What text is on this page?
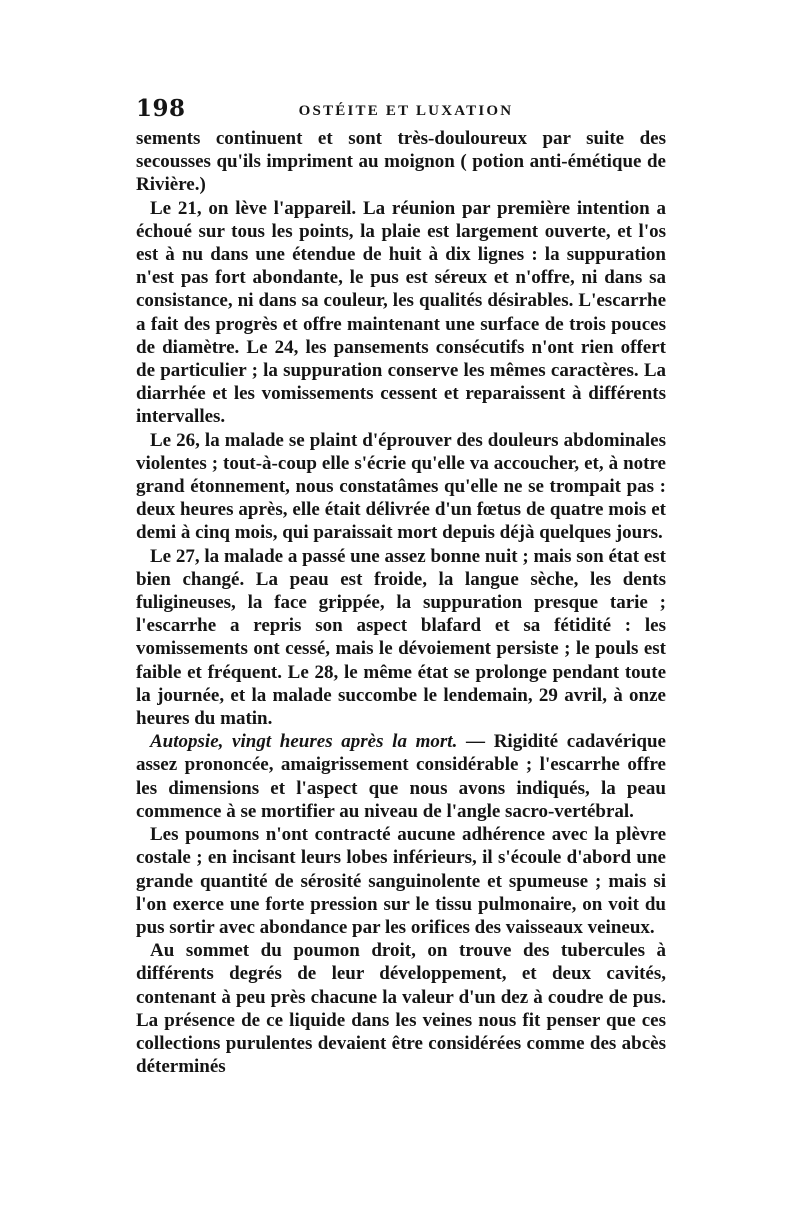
198	OSTÉITE ET LUXATION

sements continuent et sont très-douloureux par suite des secousses qu'ils impriment au moignon ( potion anti-émétique de Rivière.)

Le 21, on lève l'appareil. La réunion par première intention a échoué sur tous les points, la plaie est largement ouverte, et l'os est à nu dans une étendue de huit à dix lignes : la suppuration n'est pas fort abondante, le pus est séreux et n'offre, ni dans sa consistance, ni dans sa couleur, les qualités désirables. L'escarrhe a fait des progrès et offre maintenant une surface de trois pouces de diamètre. Le 24, les pansements consécutifs n'ont rien offert de particulier ; la suppuration conserve les mêmes caractères. La diarrhée et les vomissements cessent et reparaissent à différents intervalles.

Le 26, la malade se plaint d'éprouver des douleurs abdominales violentes ; tout-à-coup elle s'écrie qu'elle va accoucher, et, à notre grand étonnement, nous constatâmes qu'elle ne se trompait pas : deux heures après, elle était délivrée d'un fœtus de quatre mois et demi à cinq mois, qui paraissait mort depuis déjà quelques jours.

Le 27, la malade a passé une assez bonne nuit ; mais son état est bien changé. La peau est froide, la langue sèche, les dents fuligineuses, la face grippée, la suppuration presque tarie ; l'escarrhe a repris son aspect blafard et sa fétidité : les vomissements ont cessé, mais le dévoiement persiste ; le pouls est faible et fréquent. Le 28, le même état se prolonge pendant toute la journée, et la malade succombe le lendemain, 29 avril, à onze heures du matin.

Autopsie, vingt heures après la mort. — Rigidité cadavérique assez prononcée, amaigrissement considérable ; l'escarrhe offre les dimensions et l'aspect que nous avons indiqués, la peau commence à se mortifier au niveau de l'angle sacro-vertébral.

Les poumons n'ont contracté aucune adhérence avec la plèvre costale ; en incisant leurs lobes inférieurs, il s'écoule d'abord une grande quantité de sérosité sanguinolente et spumeuse ; mais si l'on exerce une forte pression sur le tissu pulmonaire, on voit du pus sortir avec abondance par les orifices des vaisseaux veineux.

Au sommet du poumon droit, on trouve des tubercules à différents degrés de leur développement, et deux cavités, contenant à peu près chacune la valeur d'un dez à coudre de pus. La présence de ce liquide dans les veines nous fit penser que ces collections purulentes devaient être considérées comme des abcès déterminés
